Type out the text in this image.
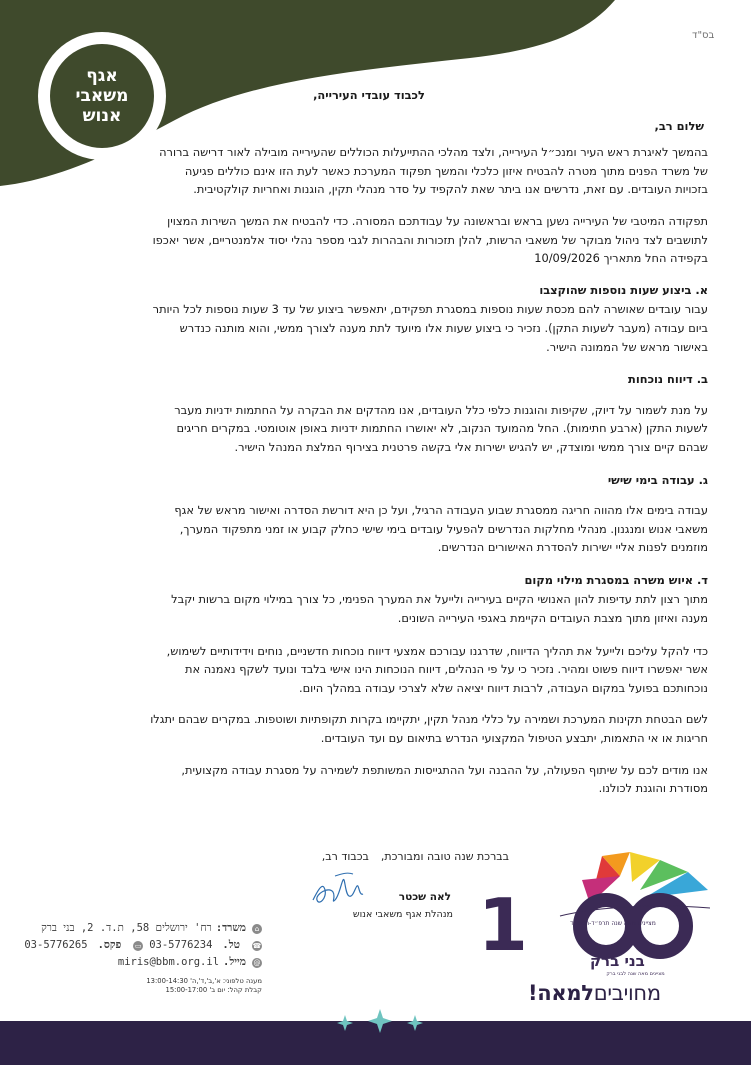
אגף
משאבי
אנוש
בס"ד
לכבוד עובדי העירייה,
שלום רב,

בהמשך לאיגרת ראש העיר ומנכ״ל העירייה, ולצד מהלכי ההתייעלות הכוללים שהעירייה מובילה לאור דרישה ברורה של משרד הפנים מתוך מטרה להבטיח איזון כלכלי והמשך תפקוד המערכת כאשר לעת הזו אינם כוללים פגיעה בזכויות העובדים. עם זאת, נדרשים אנו ביתר שאת להקפיד על סדר מנהלי תקין, הוגנות ואחריות קולקטיבית.

תפקודה המיטבי של העירייה נשען בראש ובראשונה על עבודתכם המסורה. כדי להבטיח את המשך השירות המצוין לתושבים לצד ניהול מבוקר של משאבי הרשות, להלן תזכורות והבהרות לגבי מספר נהלי יסוד אלמנטריים, אשר יאכפו בקפידה החל מתאריך 10/09/2026

א. ביצוע שעות נוספות שהוקצבו

עבור עובדים שאושרה להם מכסת שעות נוספות במסגרת תפקידם, יתאפשר ביצוע של עד 3 שעות נוספות לכל היותר ביום עבודה (מעבר לשעות התקן). נזכיר כי ביצוע שעות אלו מיועד לתת מענה לצורך ממשי, והוא מותנה כנדרש באישור מראש של הממונה הישיר.

ב. דיווח נוכחות

על מנת לשמור על דיוק, שקיפות והוגנות כלפי כלל העובדים, אנו מהדקים את הבקרה על החתמות ידניות מעבר לשעות התקן (ארבע חתימות). החל מהמועד הנקוב, לא יאושרו החתמות ידניות באופן אוטומטי. במקרים חריגים שבהם קיים צורך ממשי ומוצדק, יש להגיש ישירות אלי בקשה פרטנית בצירוף המלצת המנהל הישיר.

ג. עבודה בימי שישי

עבודה בימים אלו מהווה חריגה ממסגרת שבוע העבודה הרגיל, ועל כן היא דורשת הסדרה ואישור מראש של אגף משאבי אנוש ומנגנון. מנהלי מחלקות הנדרשים להפעיל עובדים בימי שישי כחלק קבוע או זמני מתפקוד המערך, מוזמנים לפנות אליי ישירות להסדרת האישורים הנדרשים.

ד. איוש משרה במסגרת מילוי מקום

מתוך רצון לתת עדיפות להון האנושי הקיים בעירייה ולייעל את המערך הפנימי, כל צורך במילוי מקום ברשות יקבל מענה ואיזון מתוך מצבת העובדים הקיימת באגפי העירייה השונים.

כדי להקל עליכם ולייעל את תהליך הדיווח, שדרגנו עבורכם אמצעי דיווח נוכחות חדשניים, נוחים וידידותיים לשימוש, אשר יאפשרו דיווח פשוט ומהיר. נזכיר כי על פי הנהלים, דיווח הנוכחות הינו אישי בלבד ונועד לשקף נאמנה את נוכחותכם בפועל במקום העבודה, לרבות דיווח יציאה שלא לצרכי עבודה במהלך היום.

לשם הבטחת תקינות המערכת ושמירה על כללי מנהל תקין, יתקיימו בקרות תקופתיות ושוטפות. במקרים שבהם יתגלו חריגות או אי התאמות, יתבצע הטיפול המקצועי הנדרש בתיאום עם ועד העובדים.

אנו מודים לכם על שיתוף הפעולה, על ההבנה ועל ההתגייסות המשותפת לשמירה על מסגרת עבודה מקצועית, מסודרת והוגנת לכולנו.

בברכת שנה טובה ומבורכת,
בכבוד רב,
לאה שכטר
מנהלת אגף משאבי אנוש
⌂
משרד:
רח' ירושלים 58, ת.ד. 2, בני ברק
☎
טל.
03-5776234
▭
פקס.
03-5776265
@
מייל.
miris@bbm.org.il
מענה טלפוני: א',ב',ד',ה' 13:00-14:30
קבלת קהל: יום ב' 15:00-17:00
1	מציינים מאה שנה תרפ״ד-תשפ״ד
בני ברק
מציינים מאה שנה לבני ברק
מחויביםלמאה!
